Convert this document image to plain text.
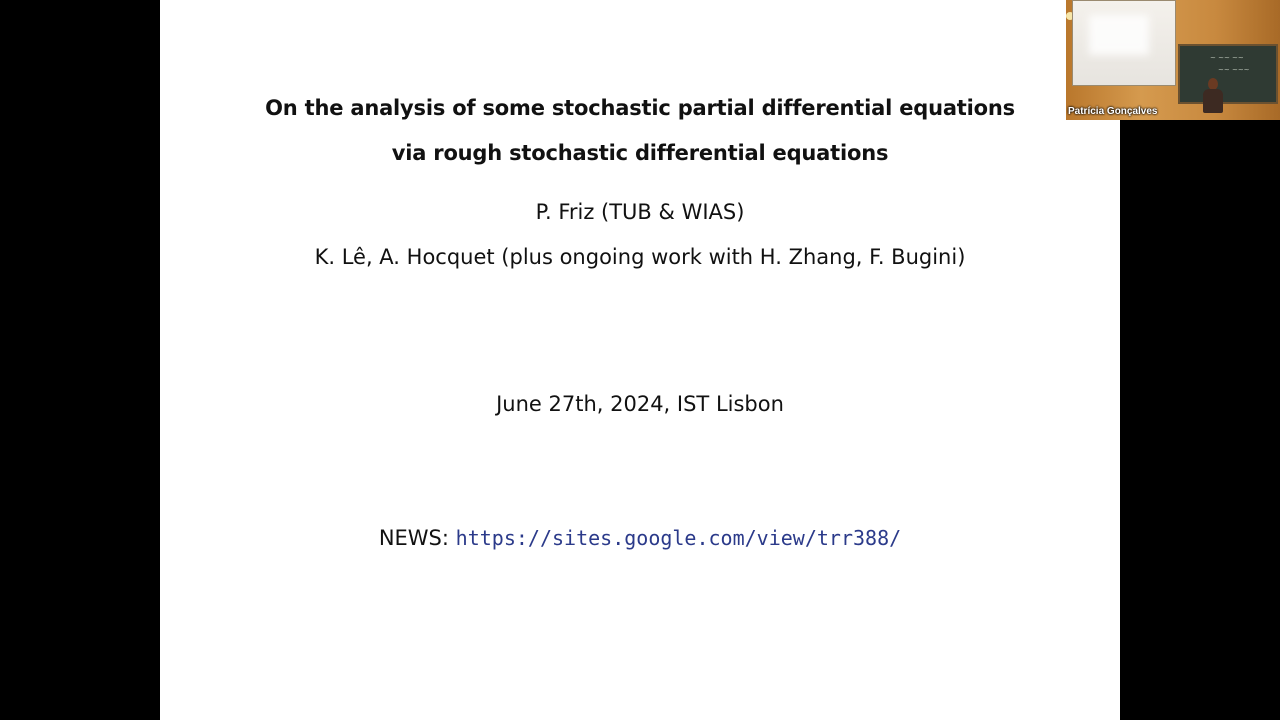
On the analysis of some stochastic partial differential equations
via rough stochastic differential equations
P. Friz (TUB & WIAS)
K. Lê, A. Hocquet (plus ongoing work with H. Zhang, F. Bugini)
June 27th, 2024, IST Lisbon
NEWS: https://sites.google.com/view/trr388/
~ ~~ ~~
~~ ~~~
Patrícia Gonçalves
